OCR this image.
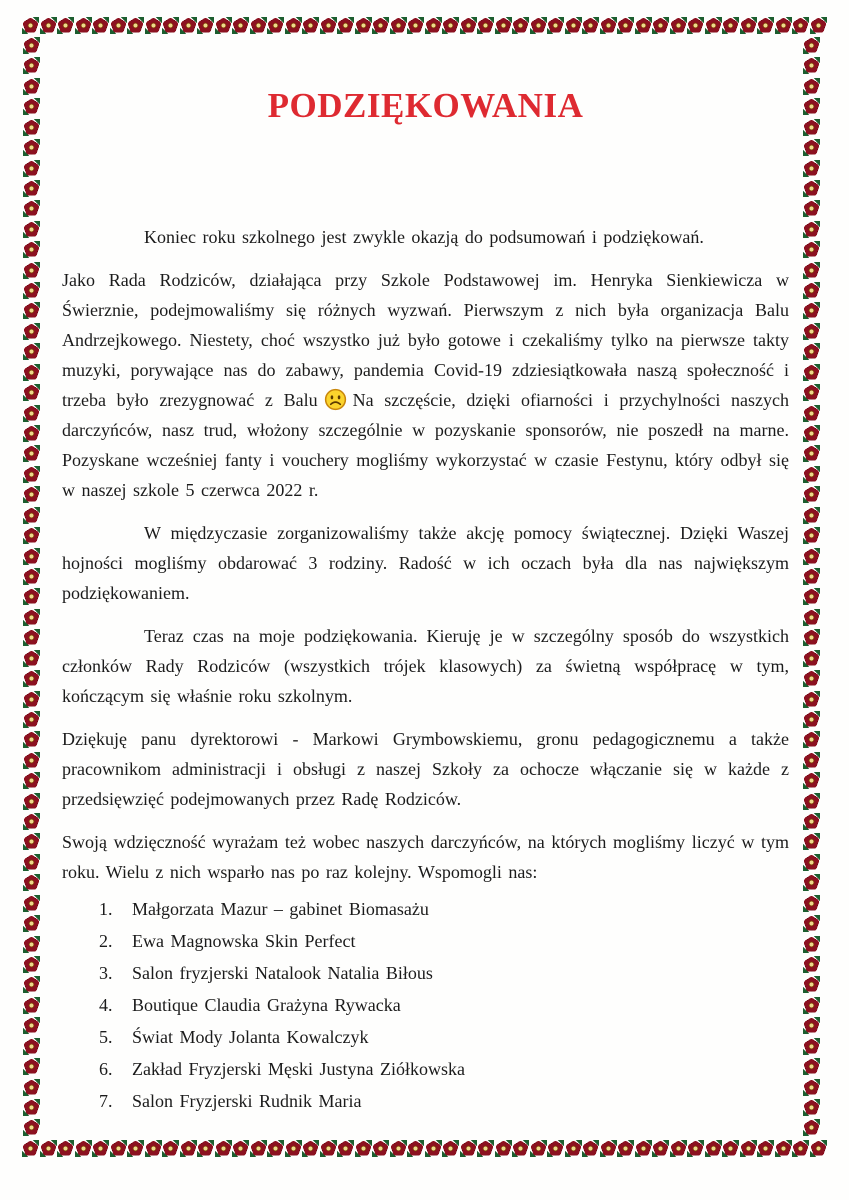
PODZIĘKOWANIA

Koniec roku szkolnego jest zwykle okazją do podsumowań i podziękowań.

Jako Rada Rodziców, działająca przy Szkole Podstawowej im. Henryka Sienkiewicza w Świerznie, podejmowaliśmy się różnych wyzwań. Pierwszym z nich była organizacja Balu Andrzejkowego. Niestety, choć wszystko już było gotowe i czekaliśmy tylko na pierwsze takty muzyki, porywające nas do zabawy, pandemia Covid-19 zdziesiątkowała naszą społeczność i trzeba było zrezygnować z Balu Na szczęście, dzięki ofiarności i przychylności naszych darczyńców, nasz trud, włożony szczególnie w pozyskanie sponsorów, nie poszedł na marne. Pozyskane wcześniej fanty i vouchery mogliśmy wykorzystać w czasie Festynu, który odbył się w naszej szkole 5 czerwca 2022 r.

W międzyczasie zorganizowaliśmy także akcję pomocy świątecznej. Dzięki Waszej hojności mogliśmy obdarować 3 rodziny. Radość w ich oczach była dla nas największym podziękowaniem.

Teraz czas na moje podziękowania. Kieruję je w szczególny sposób do wszystkich członków Rady Rodziców (wszystkich trójek klasowych) za świetną współpracę w tym, kończącym się właśnie roku szkolnym.

Dziękuję panu dyrektorowi - Markowi Grymbowskiemu, gronu pedagogicznemu a także pracownikom administracji i obsługi z naszej Szkoły za ochocze włączanie się w każde z przedsięwzięć podejmowanych przez Radę Rodziców.

Swoją wdzięczność wyrażam też wobec naszych darczyńców, na których mogliśmy liczyć w tym roku. Wielu z nich wsparło nas po raz kolejny. Wspomogli nas:

1. Małgorzata Mazur – gabinet Biomasażu
2. Ewa Magnowska Skin Perfect
3. Salon fryzjerski Natalook Natalia Biłous
4. Boutique Claudia Grażyna Rywacka
5. Świat Mody Jolanta Kowalczyk
6. Zakład Fryzjerski Męski Justyna Ziółkowska
7. Salon Fryzjerski Rudnik Maria
